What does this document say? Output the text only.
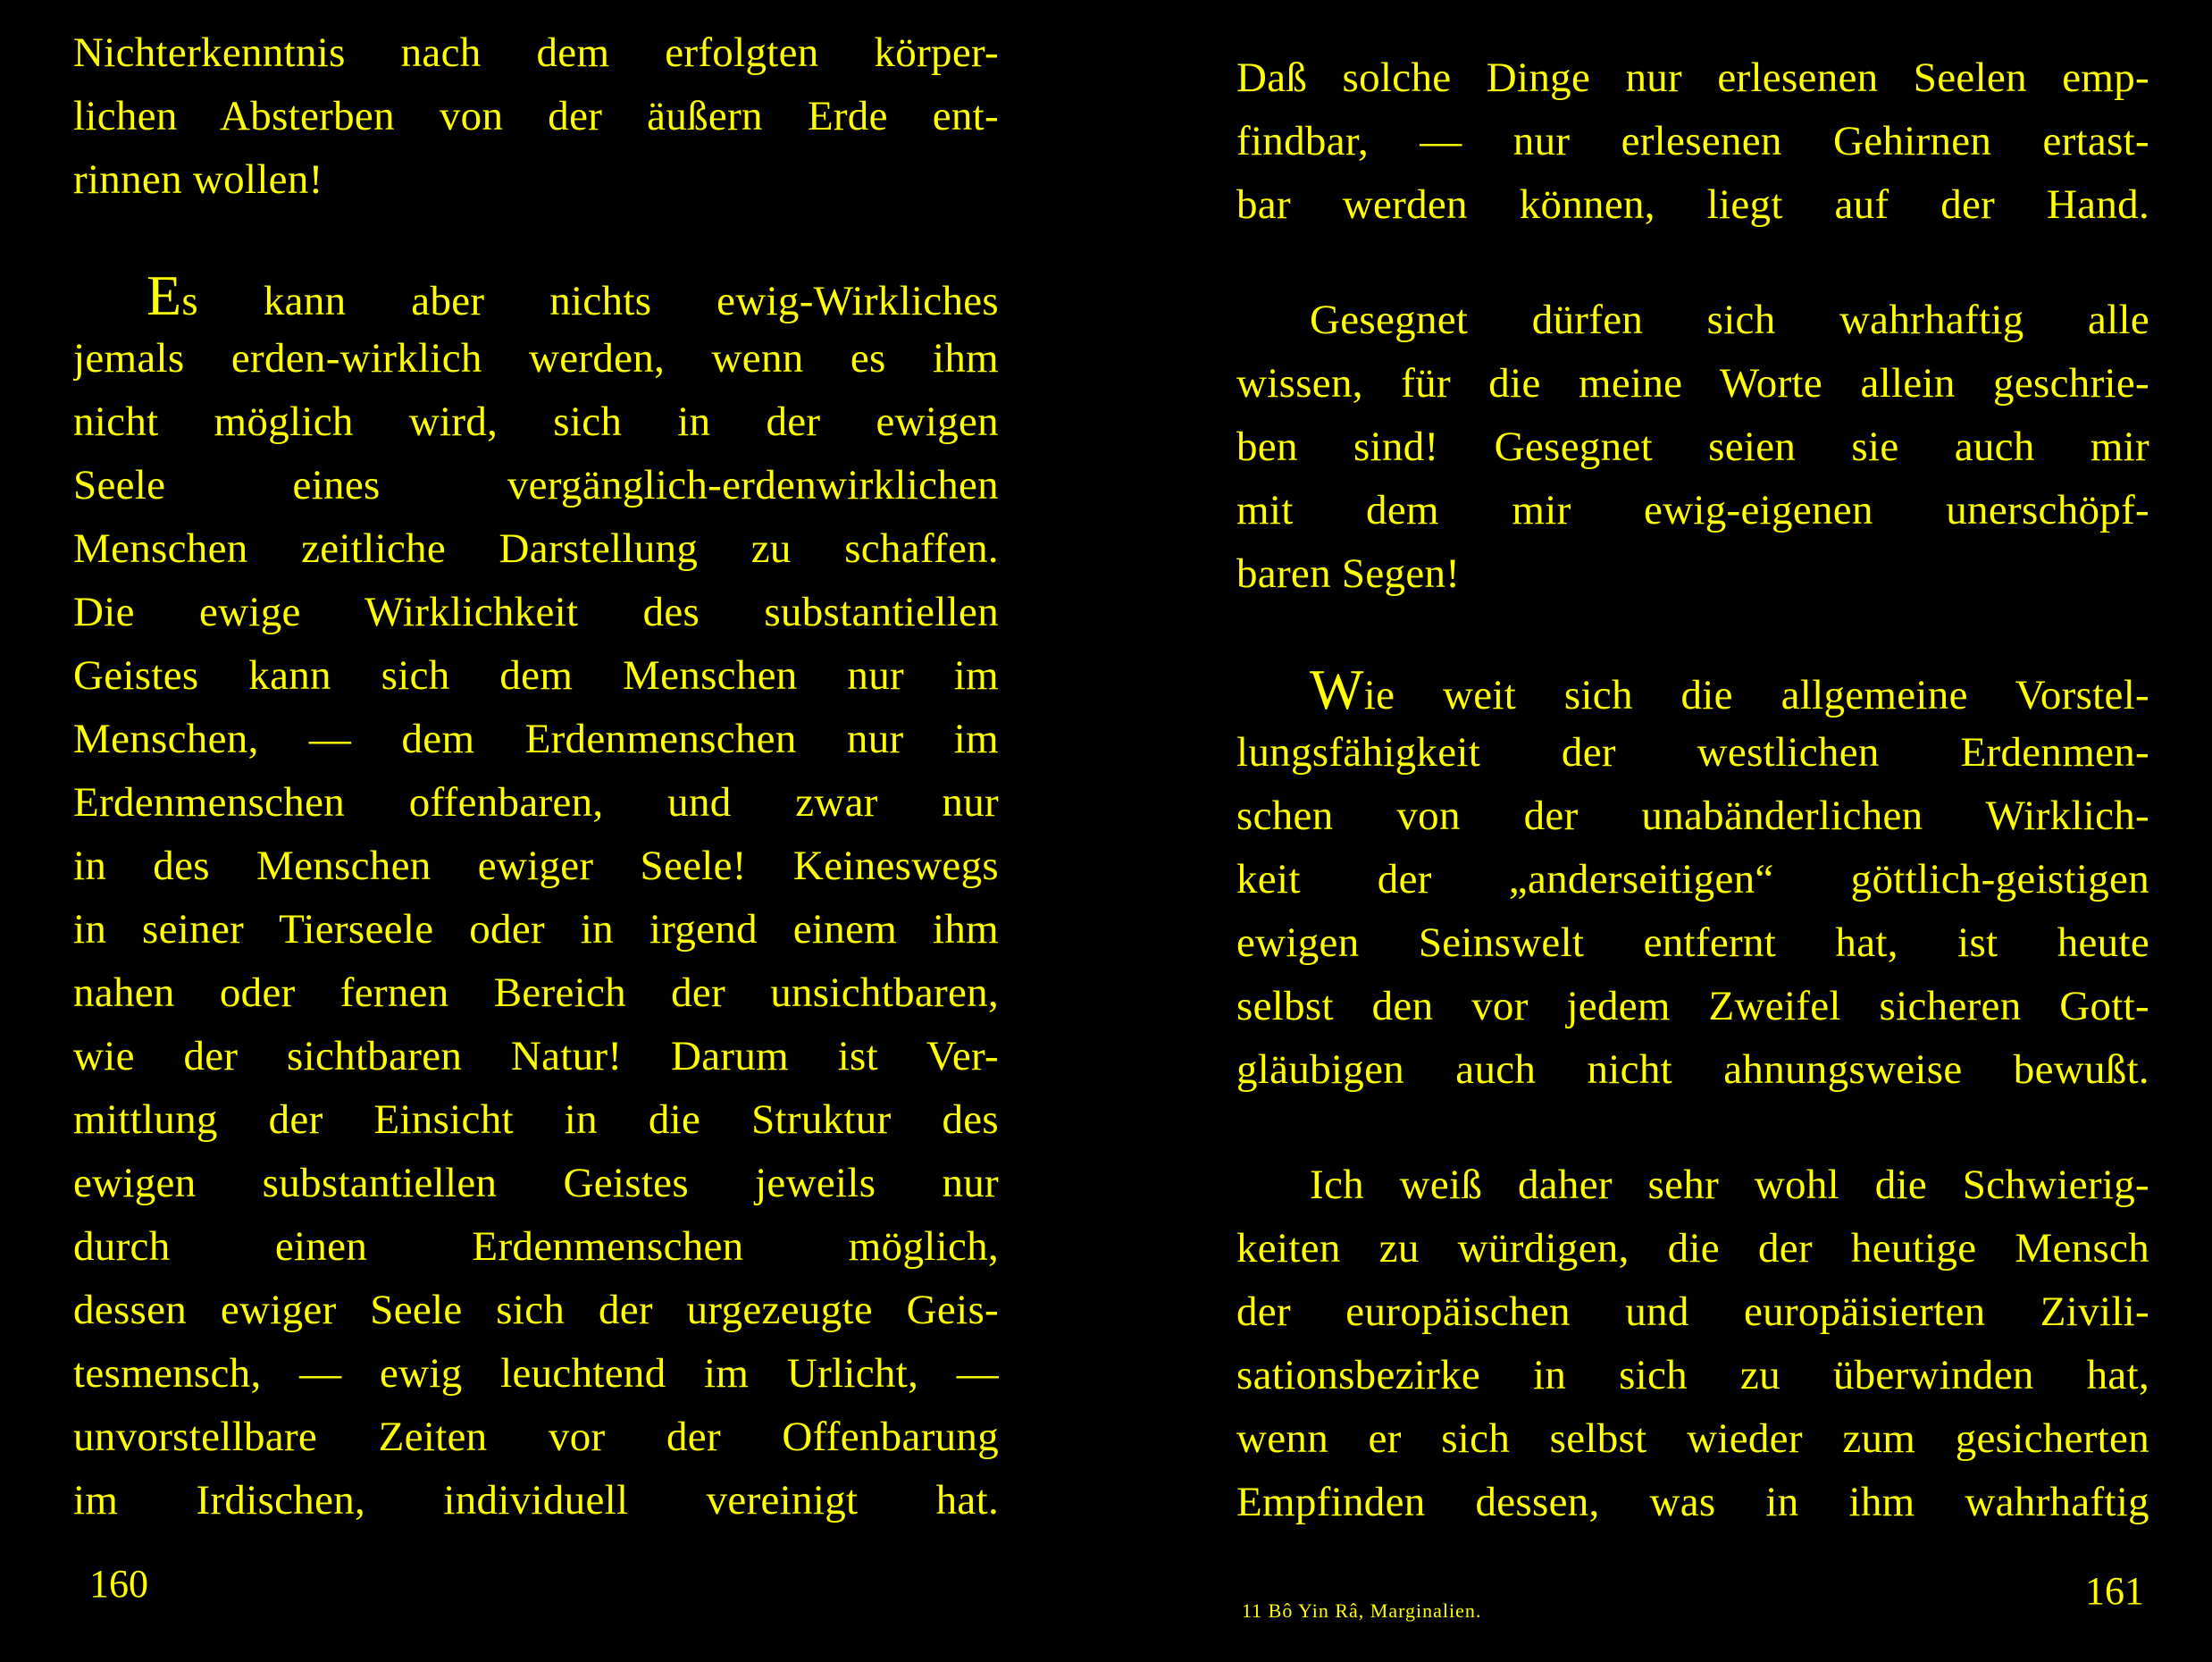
Nichterkenntnis nach dem erfolgten körper-
lichen Absterben von der äußern Erde ent-
rinnen wollen!
Es kann aber nichts ewig-Wirkliches
jemals erden-wirklich werden, wenn es ihm
nicht möglich wird, sich in der ewigen
Seele eines vergänglich-erdenwirklichen
Menschen zeitliche Darstellung zu schaffen.
Die ewige Wirklichkeit des substantiellen
Geistes kann sich dem Menschen nur im
Menschen, — dem Erdenmenschen nur im
Erdenmenschen offenbaren, und zwar nur
in des Menschen ewiger Seele! Keineswegs
in seiner Tierseele oder in irgend einem ihm
nahen oder fernen Bereich der unsichtbaren,
wie der sichtbaren Natur! Darum ist Ver-
mittlung der Einsicht in die Struktur des
ewigen substantiellen Geistes jeweils nur
durch einen Erdenmenschen möglich,
dessen ewiger Seele sich der urgezeugte Geis-
tesmensch, — ewig leuchtend im Urlicht, —
unvorstellbare Zeiten vor der Offenbarung
im Irdischen, individuell vereinigt hat.
160
Daß solche Dinge nur erlesenen Seelen emp-
findbar, — nur erlesenen Gehirnen ertast-
bar werden können, liegt auf der Hand.
Gesegnet dürfen sich wahrhaftig alle
wissen, für die meine Worte allein geschrie-
ben sind! Gesegnet seien sie auch mir
mit dem mir ewig-eigenen unerschöpf-
baren Segen!
Wie weit sich die allgemeine Vorstel-
lungsfähigkeit der westlichen Erdenmen-
schen von der unabänderlichen Wirklich-
keit der „anderseitigen“ göttlich-geistigen
ewigen Seinswelt entfernt hat, ist heute
selbst den vor jedem Zweifel sicheren Gott-
gläubigen auch nicht ahnungsweise bewußt.
Ich weiß daher sehr wohl die Schwierig-
keiten zu würdigen, die der heutige Mensch
der europäischen und europäisierten Zivili-
sationsbezirke in sich zu überwinden hat,
wenn er sich selbst wieder zum gesicherten
Empfinden dessen, was in ihm wahrhaftig
161
11 Bô Yin Râ, Marginalien.
